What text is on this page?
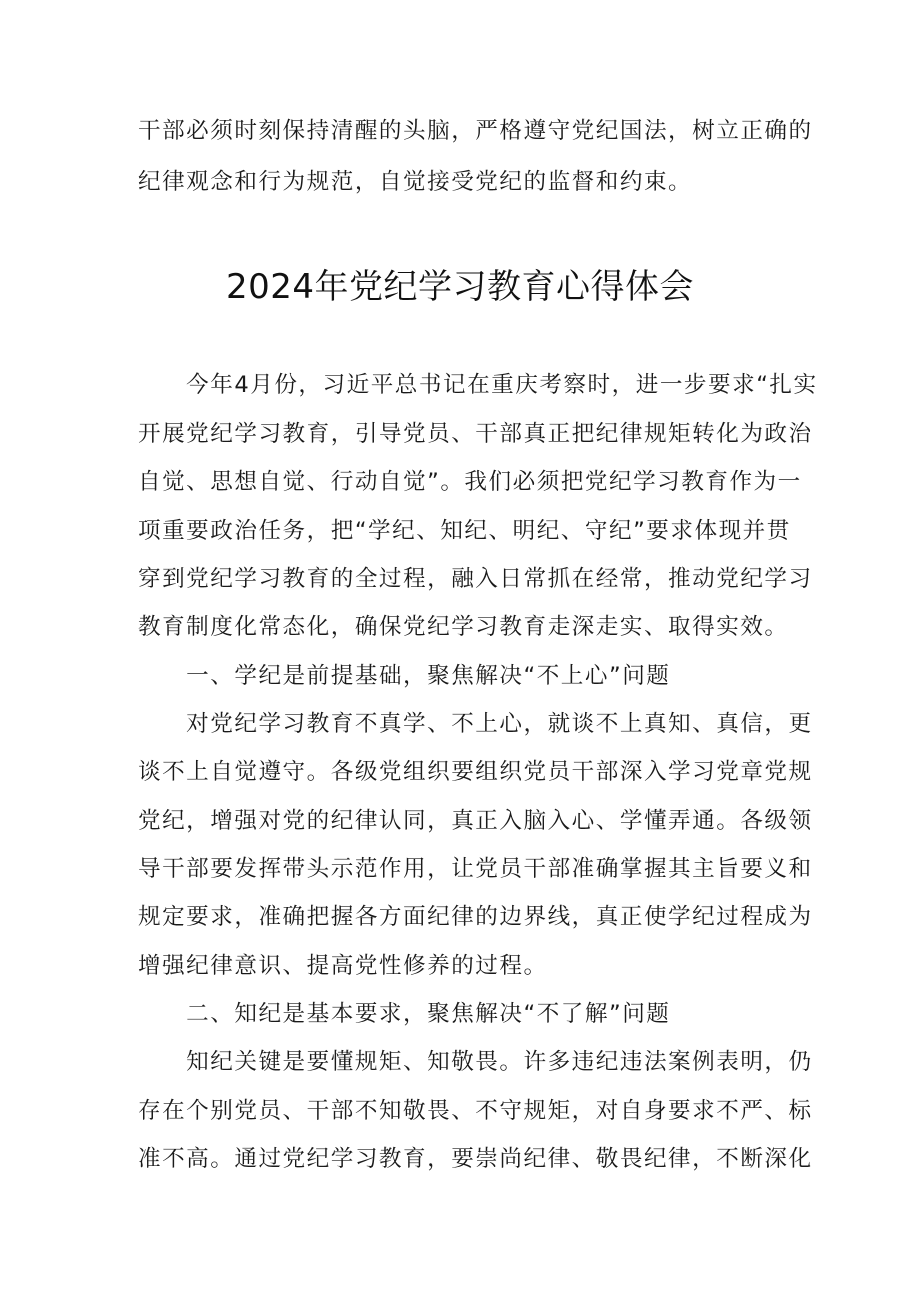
干部必须时刻保持清醒的头脑，严格遵守党纪国法，树立正确的
纪律观念和行为规范，自觉接受党纪的监督和约束。
2024年党纪学习教育心得体会
　　今年4月份，习近平总书记在重庆考察时，进一步要求“扎实
开展党纪学习教育，引导党员、干部真正把纪律规矩转化为政治
自觉、思想自觉、行动自觉”。我们必须把党纪学习教育作为一
项重要政治任务，把“学纪、知纪、明纪、守纪”要求体现并贯
穿到党纪学习教育的全过程，融入日常抓在经常，推动党纪学习
教育制度化常态化，确保党纪学习教育走深走实、取得实效。
　　一、学纪是前提基础，聚焦解决“不上心”问题
　　对党纪学习教育不真学、不上心，就谈不上真知、真信，更
谈不上自觉遵守。各级党组织要组织党员干部深入学习党章党规
党纪，增强对党的纪律认同，真正入脑入心、学懂弄通。各级领
导干部要发挥带头示范作用，让党员干部准确掌握其主旨要义和
规定要求，准确把握各方面纪律的边界线，真正使学纪过程成为
增强纪律意识、提高党性修养的过程。
　　二、知纪是基本要求，聚焦解决“不了解”问题
　　知纪关键是要懂规矩、知敬畏。许多违纪违法案例表明，仍
存在个别党员、干部不知敬畏、不守规矩，对自身要求不严、标
准不高。通过党纪学习教育，要崇尚纪律、敬畏纪律，不断深化
